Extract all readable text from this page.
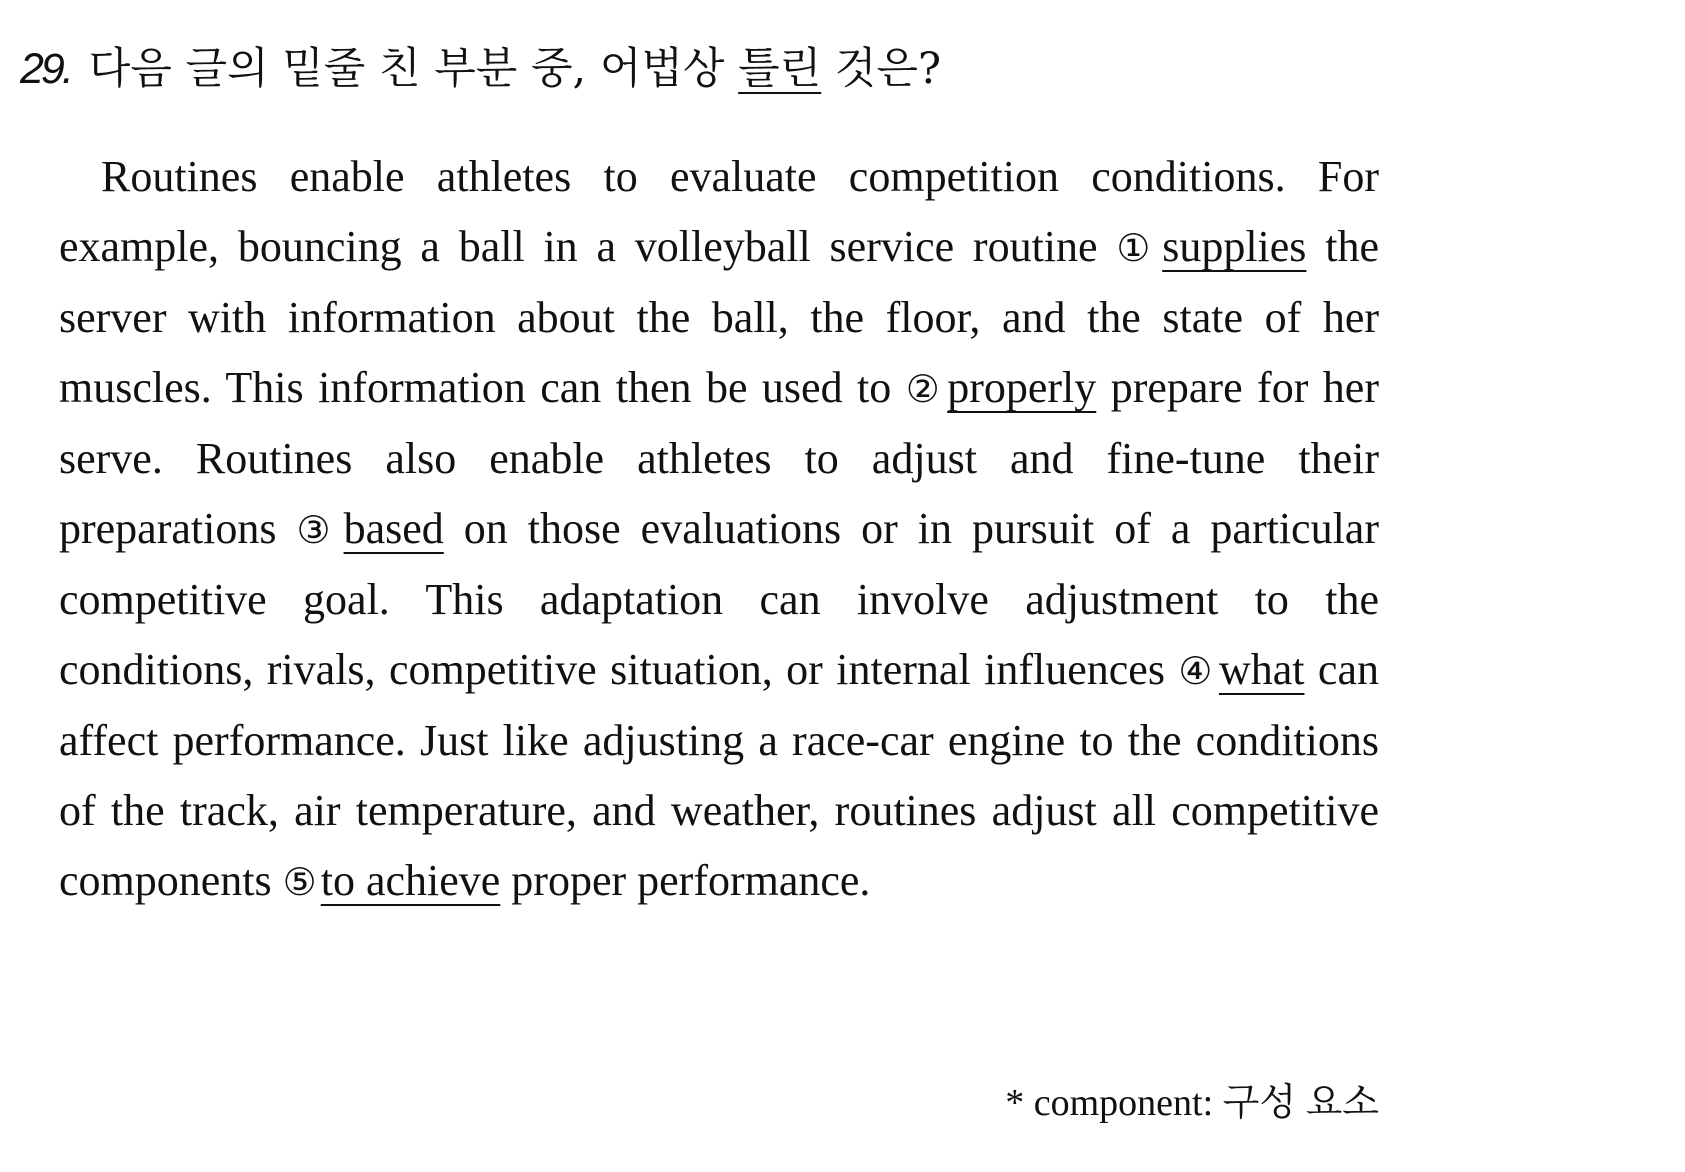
29. 다음 글의 밑줄 친 부분 중, 어법상 틀린 것은?

Routines enable athletes to evaluate competition conditions. For example, bouncing a ball in a volleyball service routine ①supplies the server with information about the ball, the floor, and the state of her muscles. This information can then be used to ②properly prepare for her serve. Routines also enable athletes to adjust and fine-tune their preparations ③based on those evaluations or in pursuit of a particular competitive goal. This adaptation can involve adjustment to the conditions, rivals, competitive situation, or internal influences ④what can affect performance. Just like adjusting a race-car engine to the conditions of the track, air temperature, and weather, routines adjust all competitive components ⑤to achieve proper performance.

* component: 구성 요소
